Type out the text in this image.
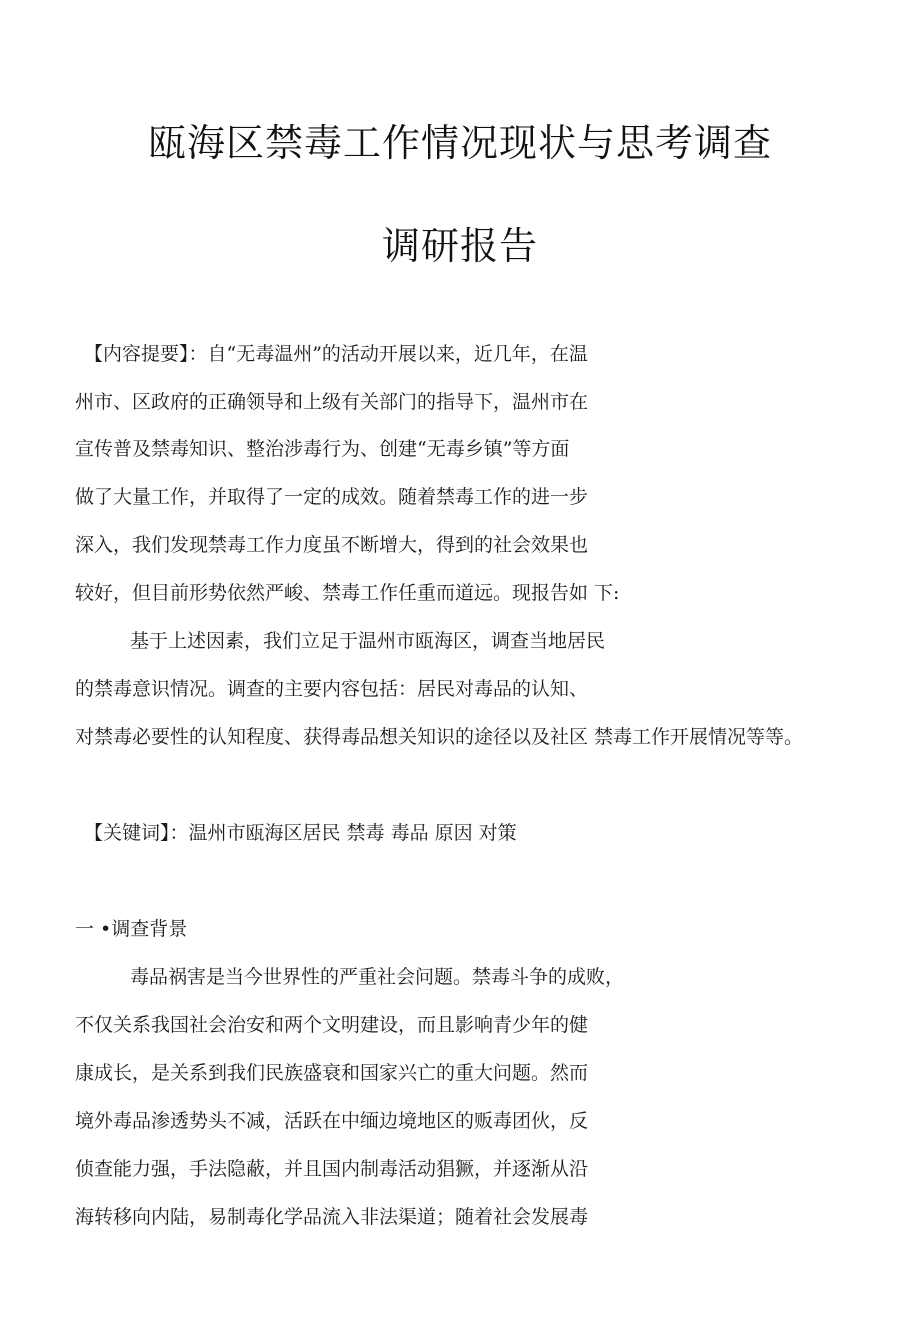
瓯海区禁毒工作情况现状与思考调查
调研报告
【内容提要】：自“无毒温州”的活动开展以来，近几年，在温
州市、区政府的正确领导和上级有关部门的指导下，温州市在
宣传普及禁毒知识、整治涉毒行为、创建“无毒乡镇”等方面
做了大量工作，并取得了一定的成效。随着禁毒工作的进一步
深入，我们发现禁毒工作力度虽不断增大，得到的社会效果也
较好，但目前形势依然严峻、禁毒工作任重而道远。现报告如 下:
基于上述因素，我们立足于温州市瓯海区，调查当地居民
的禁毒意识情况。调查的主要内容包括：居民对毒品的认知、
对禁毒必要性的认知程度、获得毒品想关知识的途径以及社区 禁毒工作开展情况等等。
【关键词】：温州市瓯海区居民 禁毒 毒品 原因 对策
一 •调查背景
毒品祸害是当今世界性的严重社会问题。禁毒斗争的成败，
不仅关系我国社会治安和两个文明建设，而且影响青少年的健
康成长，是关系到我们民族盛衰和国家兴亡的重大问题。然而
境外毒品渗透势头不减，活跃在中缅边境地区的贩毒团伙，反
侦查能力强，手法隐蔽，并且国内制毒活动猖獗，并逐渐从沿
海转移向内陆，易制毒化学品流入非法渠道；随着社会发展毒
